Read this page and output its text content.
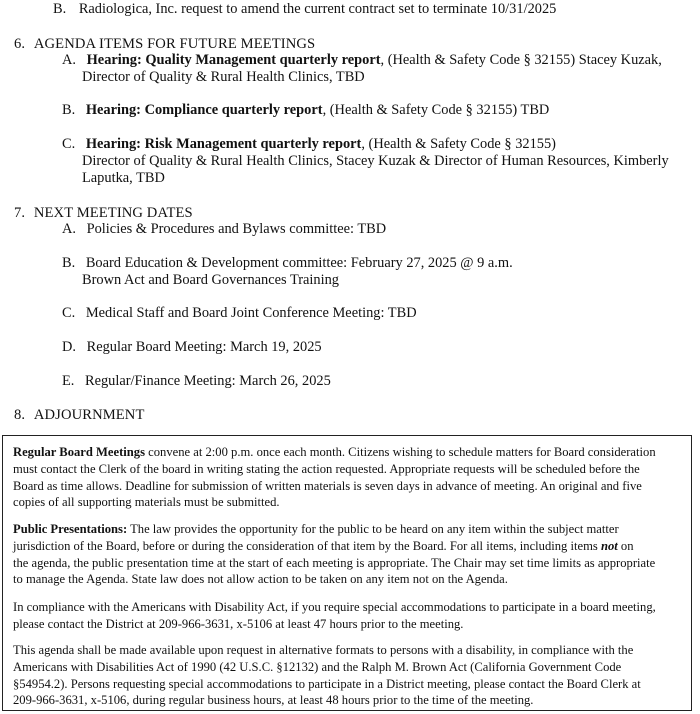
B. Radiologica, Inc. request to amend the current contract set to terminate 10/31/2025
6. AGENDA ITEMS FOR FUTURE MEETINGS
A. Hearing: Quality Management quarterly report, (Health & Safety Code § 32155) Stacey Kuzak,
Director of Quality & Rural Health Clinics, TBD
B. Hearing: Compliance quarterly report, (Health & Safety Code § 32155) TBD
C. Hearing: Risk Management quarterly report, (Health & Safety Code § 32155)
Director of Quality & Rural Health Clinics, Stacey Kuzak & Director of Human Resources, Kimberly
Laputka, TBD
7. NEXT MEETING DATES
A. Policies & Procedures and Bylaws committee: TBD
B. Board Education & Development committee: February 27, 2025 @ 9 a.m.
Brown Act and Board Governances Training
C. Medical Staff and Board Joint Conference Meeting: TBD
D. Regular Board Meeting: March 19, 2025
E. Regular/Finance Meeting: March 26, 2025
8. ADJOURNMENT
Regular Board Meetings convene at 2:00 p.m. once each month. Citizens wishing to schedule matters for Board consideration
must contact the Clerk of the board in writing stating the action requested. Appropriate requests will be scheduled before the
Board as time allows. Deadline for submission of written materials is seven days in advance of meeting. An original and five
copies of all supporting materials must be submitted.
Public Presentations: The law provides the opportunity for the public to be heard on any item within the subject matter
jurisdiction of the Board, before or during the consideration of that item by the Board. For all items, including items not on
the agenda, the public presentation time at the start of each meeting is appropriate. The Chair may set time limits as appropriate
to manage the Agenda. State law does not allow action to be taken on any item not on the Agenda.
In compliance with the Americans with Disability Act, if you require special accommodations to participate in a board meeting,
please contact the District at 209-966-3631, x-5106 at least 47 hours prior to the meeting.
This agenda shall be made available upon request in alternative formats to persons with a disability, in compliance with the
Americans with Disabilities Act of 1990 (42 U.S.C. §12132) and the Ralph M. Brown Act (California Government Code
§54954.2). Persons requesting special accommodations to participate in a District meeting, please contact the Board Clerk at
209-966-3631, x-5106, during regular business hours, at least 48 hours prior to the time of the meeting.
